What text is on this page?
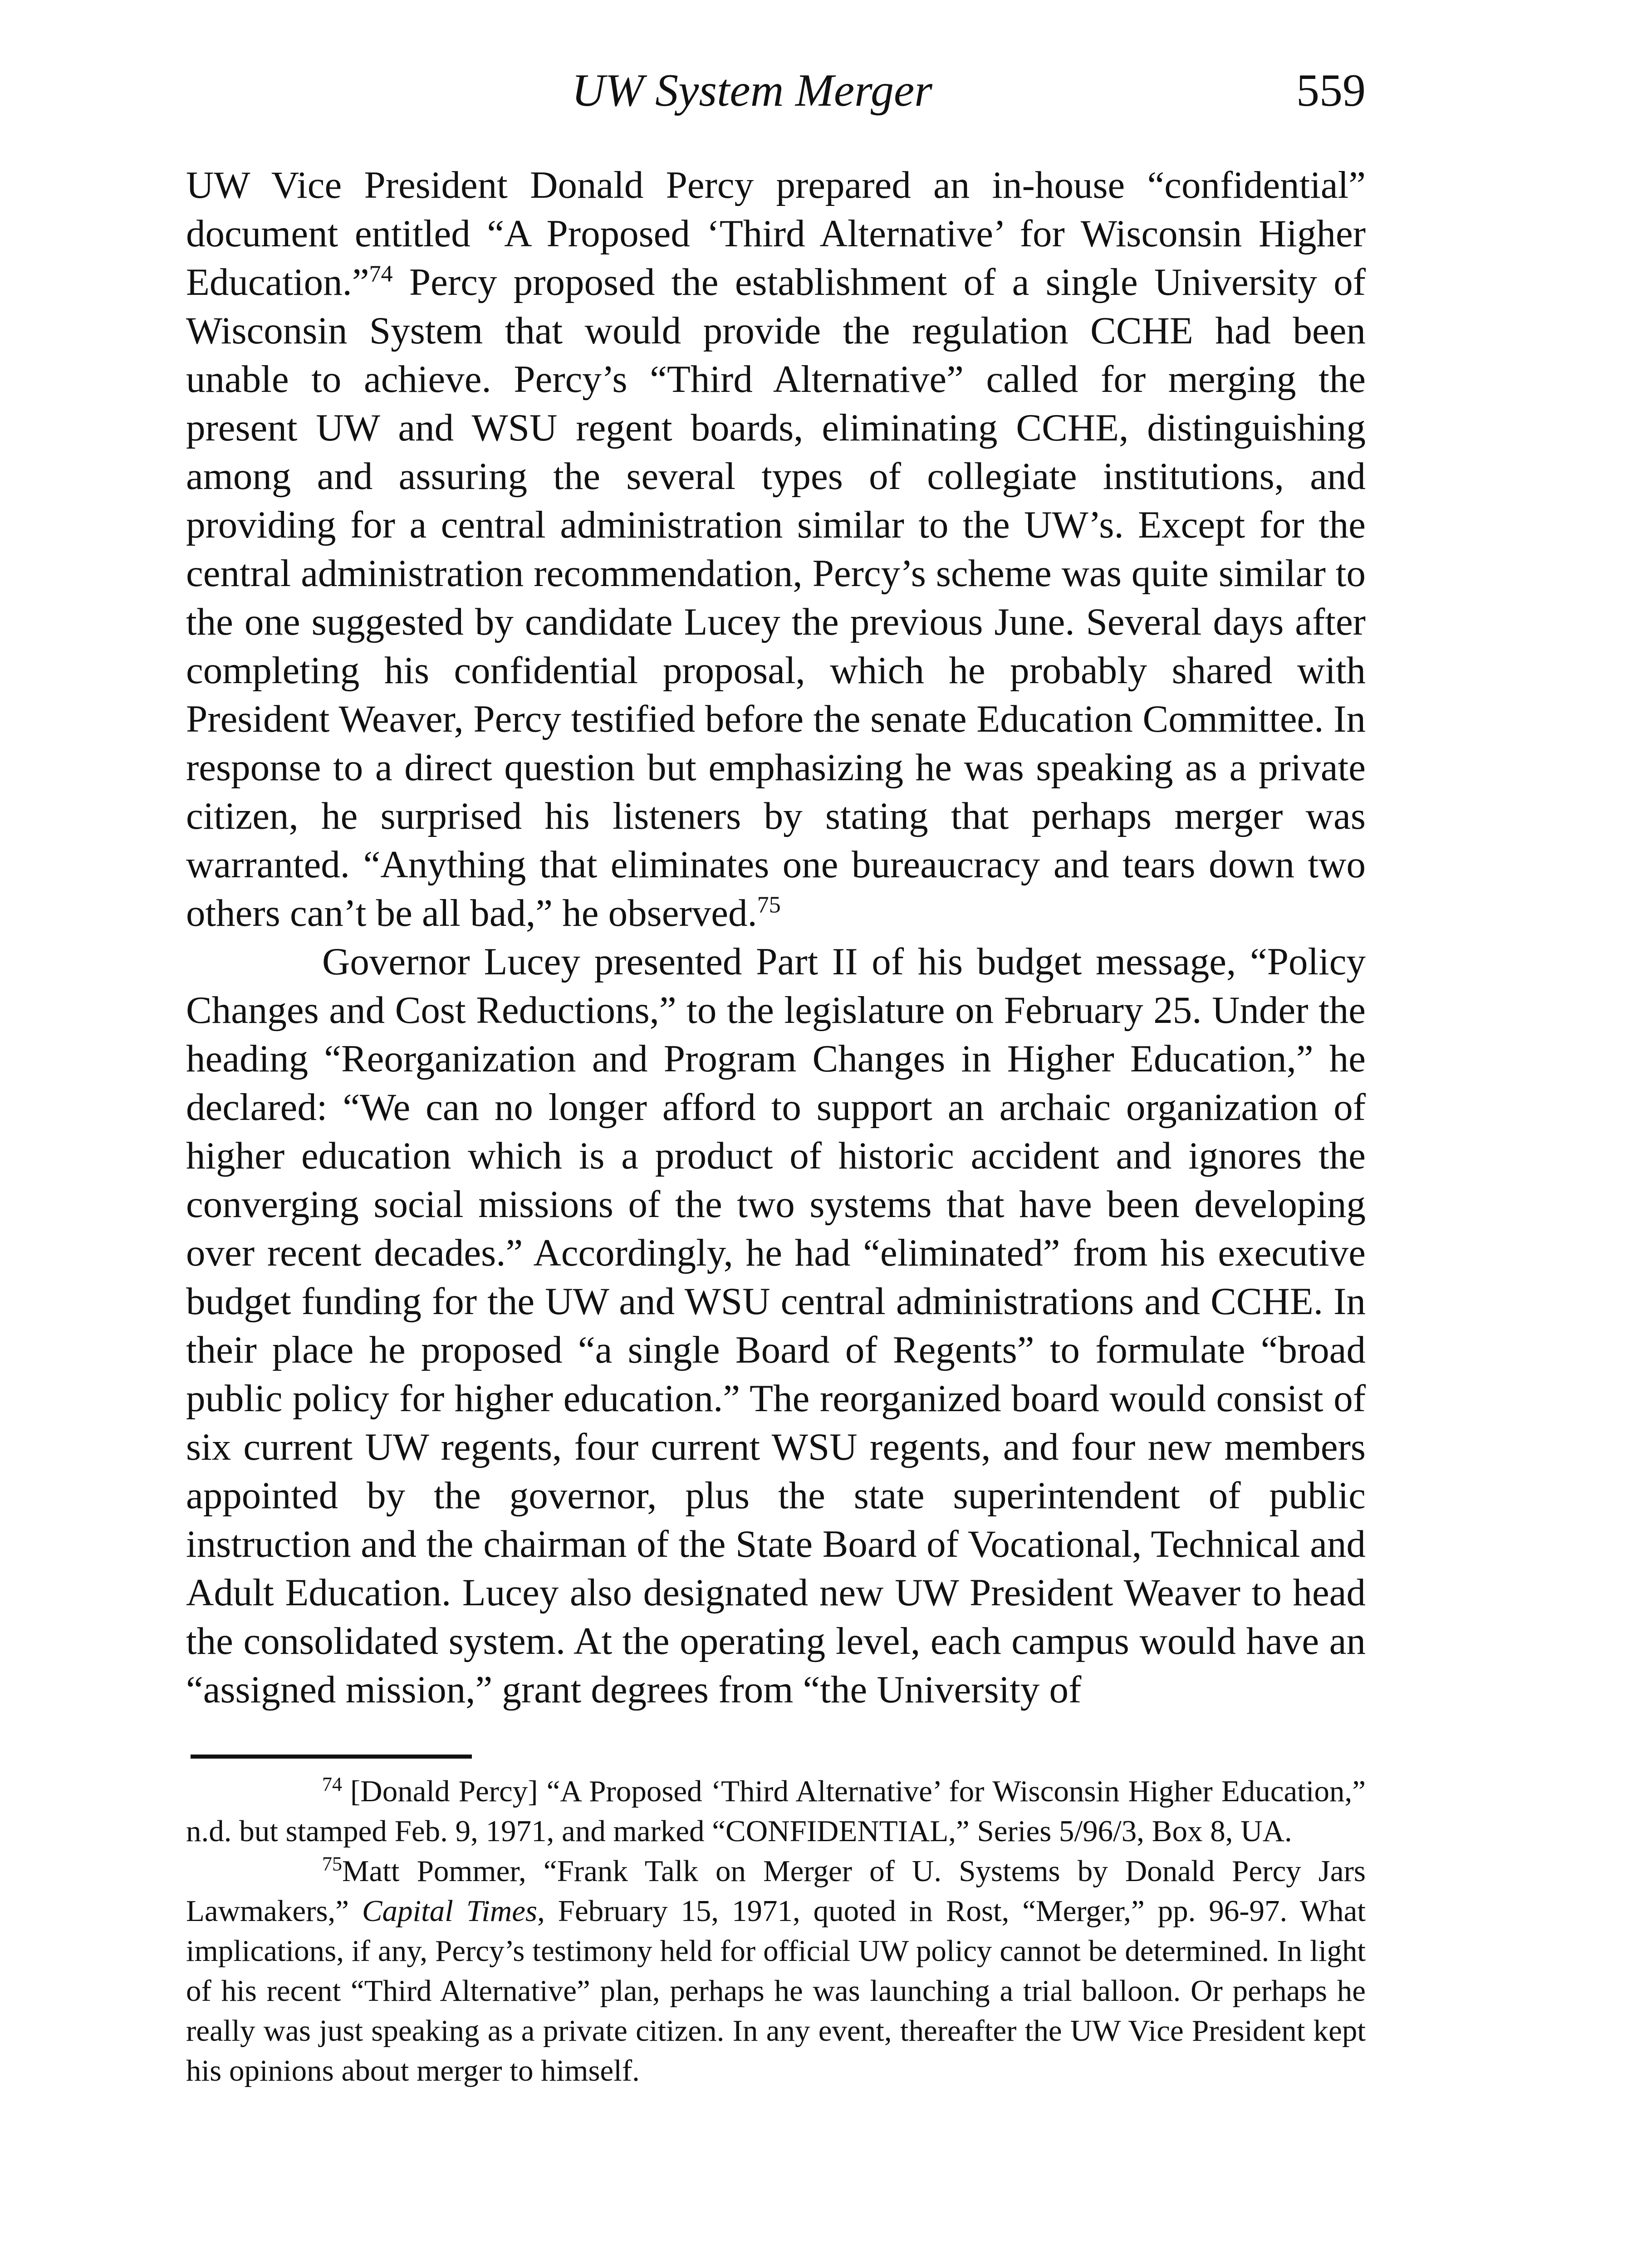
UW System Merger	559

UW Vice President Donald Percy prepared an in-house “confidential” document entitled “A Proposed ‘Third Alternative’ for Wisconsin Higher Education.”$^{74}$ Percy proposed the establishment of a single University of Wisconsin System that would provide the regulation CCHE had been unable to achieve. Percy’s “Third Alternative” called for merging the present UW and WSU regent boards, eliminating CCHE, distinguishing among and assuring the several types of collegiate institutions, and providing for a central administration similar to the UW’s. Except for the central administration recommendation, Percy’s scheme was quite similar to the one suggested by candidate Lucey the previous June. Several days after completing his confidential proposal, which he probably shared with President Weaver, Percy testified before the senate Education Committee. In response to a direct question but emphasizing he was speaking as a private citizen, he surprised his listeners by stating that perhaps merger was warranted. “Anything that eliminates one bureaucracy and tears down two others can’t be all bad,” he observed.$^{75}$

Governor Lucey presented Part II of his budget message, “Policy Changes and Cost Reductions,” to the legislature on February 25. Under the heading “Reorganization and Program Changes in Higher Education,” he declared: “We can no longer afford to support an archaic organization of higher education which is a product of historic accident and ignores the converging social missions of the two systems that have been developing over recent decades.” Accordingly, he had “eliminated” from his executive budget funding for the UW and WSU central administrations and CCHE. In their place he proposed “a single Board of Regents” to formulate “broad public policy for higher education.” The reorganized board would consist of six current UW regents, four current WSU regents, and four new members appointed by the governor, plus the state superintendent of public instruction and the chairman of the State Board of Vocational, Technical and Adult Education. Lucey also designated new UW President Weaver to head the consolidated system. At the operating level, each campus would have an “assigned mission,” grant degrees from “the University of

$^{74}$ [Donald Percy] “A Proposed ‘Third Alternative’ for Wisconsin Higher Education,” n.d. but stamped Feb. 9, 1971, and marked “CONFIDENTIAL,” Series 5/96/3, Box 8, UA.

$^{75}$Matt Pommer, “Frank Talk on Merger of U. Systems by Donald Percy Jars Lawmakers,” Capital Times, February 15, 1971, quoted in Rost, “Merger,” pp. 96-97. What implications, if any, Percy’s testimony held for official UW policy cannot be determined. In light of his recent “Third Alternative” plan, perhaps he was launching a trial balloon. Or perhaps he really was just speaking as a private citizen. In any event, thereafter the UW Vice President kept his opinions about merger to himself.
